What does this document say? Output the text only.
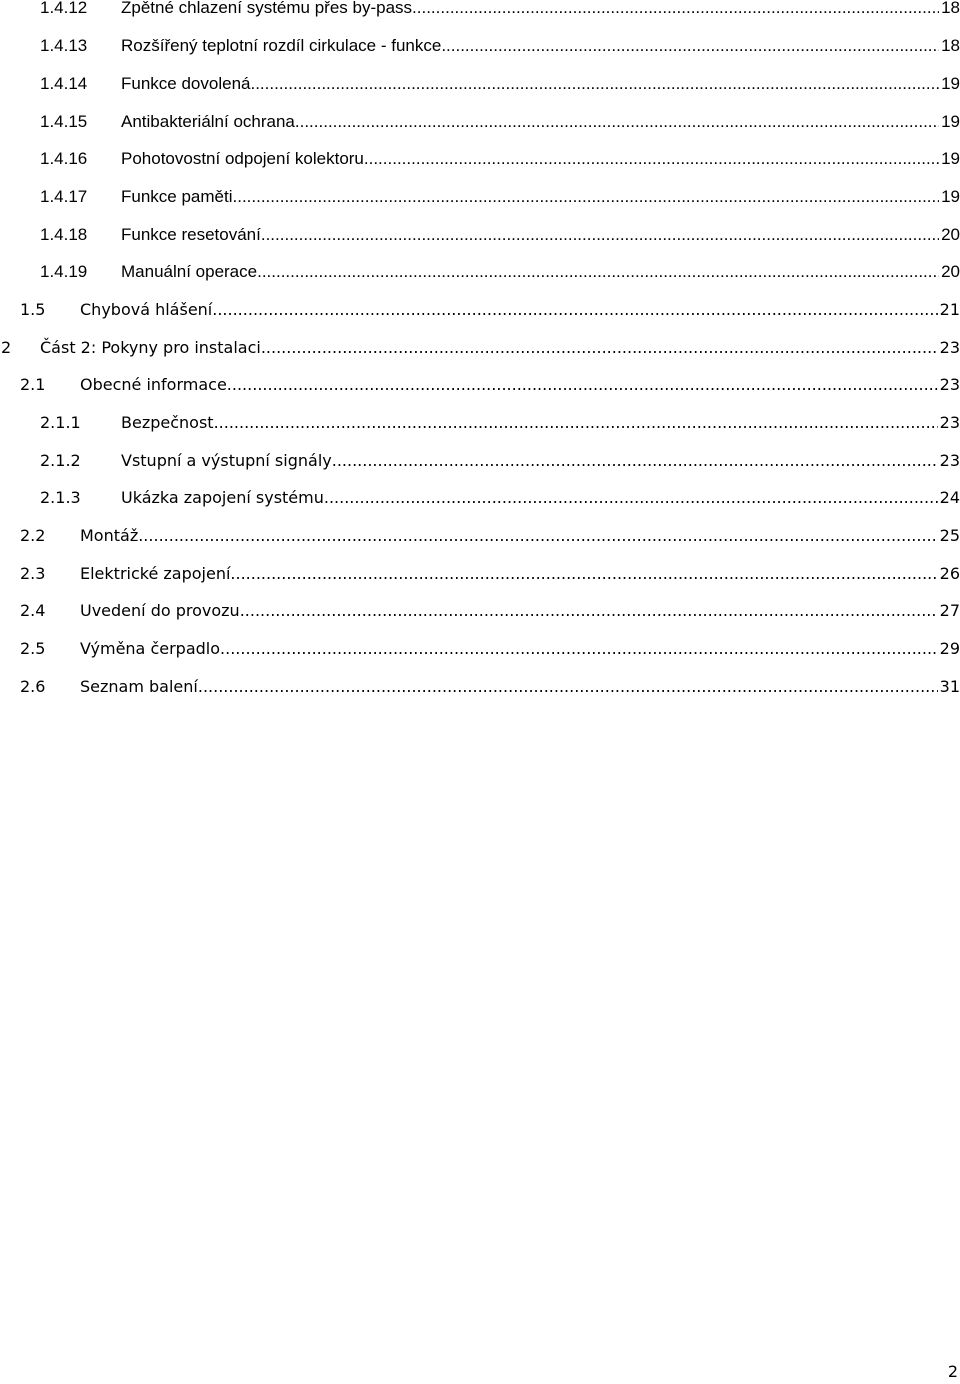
1.4.12 Zpětné chlazení systému přes by-pass .....	18
1.4.13 Rozšířený teplotní rozdíl cirkulace - funkce .....	18
1.4.14 Funkce dovolená .....	19
1.4.15 Antibakteriální ochrana .....	19
1.4.16 Pohotovostní odpojení kolektoru .....	19
1.4.17 Funkce paměti .....	19
1.4.18 Funkce resetování .....	20
1.4.19 Manuální operace .....	20
1.5 Chybová hlášení .....	21
2 Část 2: Pokyny pro instalaci .....	23
2.1 Obecné informace .....	23
2.1.1	Bezpečnost .....	23
2.1.2	Vstupní a výstupní signály .....	23
2.1.3	Ukázka zapojení systému .....	24
2.2 Montáž .....	25
2.3 Elektrické zapojení .....	26
2.4 Uvedení do provozu .....	27
2.5 Výměna čerpadlo .....	29
2.6 Seznam balení .....	31
2
